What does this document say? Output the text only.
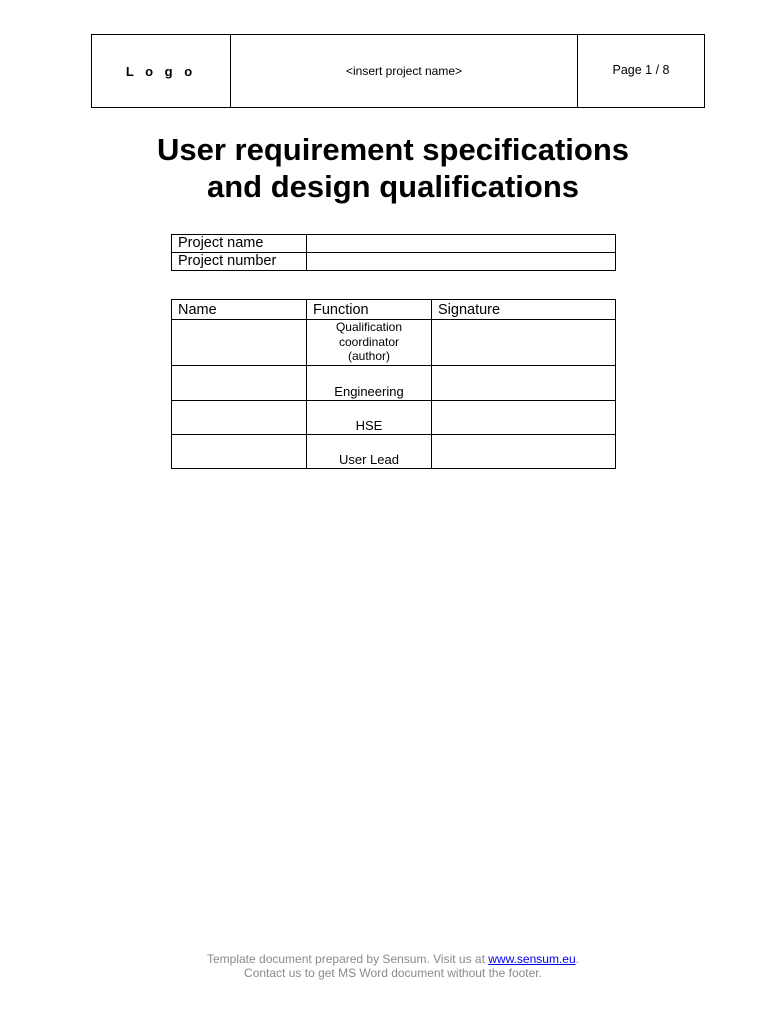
L o g o	<insert project name>	Page 1 / 8
User requirement specifications
and design qualifications
Project name	
Project number	
Name	Function	Signature
	Qualification
coordinator
(author)	
	Engineering	
	HSE	
	User Lead	
Template document prepared by Sensum. Visit us at www.sensum.eu.
Contact us to get MS Word document without the footer.
